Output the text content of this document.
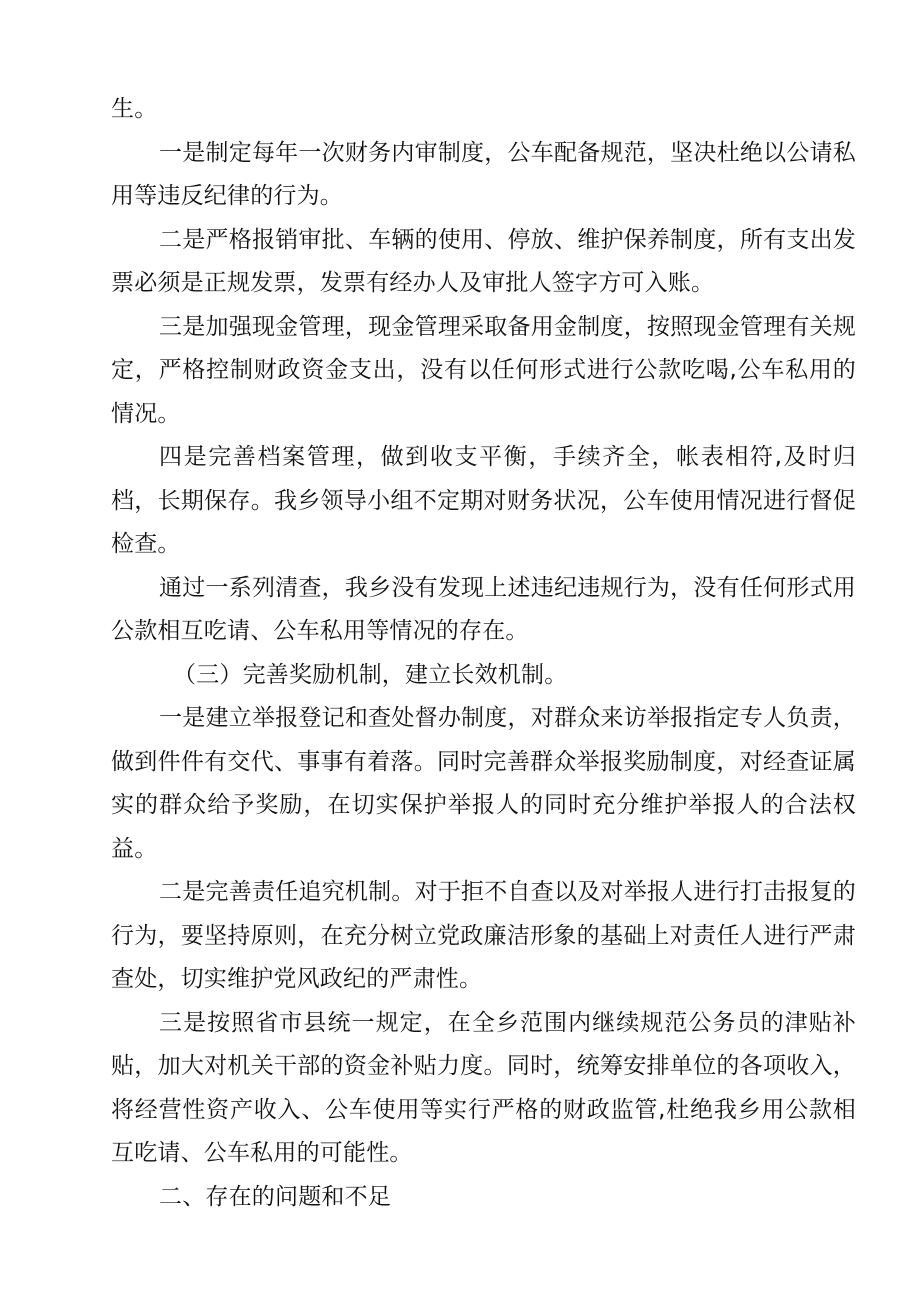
生。

一是制定每年一次财务内审制度，公车配备规范，坚决杜绝以公请私用等违反纪律的行为。

二是严格报销审批、车辆的使用、停放、维护保养制度，所有支出发票必须是正规发票，发票有经办人及审批人签字方可入账。

三是加强现金管理，现金管理采取备用金制度，按照现金管理有关规定，严格控制财政资金支出，没有以任何形式进行公款吃喝,公车私用的情况。

四是完善档案管理，做到收支平衡，手续齐全，帐表相符,及时归档，长期保存。我乡领导小组不定期对财务状况，公车使用情况进行督促检查。

通过一系列清查，我乡没有发现上述违纪违规行为，没有任何形式用公款相互吃请、公车私用等情况的存在。

（三）完善奖励机制，建立长效机制。

一是建立举报登记和查处督办制度，对群众来访举报指定专人负责，做到件件有交代、事事有着落。同时完善群众举报奖励制度，对经查证属实的群众给予奖励，在切实保护举报人的同时充分维护举报人的合法权益。

二是完善责任追究机制。对于拒不自查以及对举报人进行打击报复的行为，要坚持原则，在充分树立党政廉洁形象的基础上对责任人进行严肃查处，切实维护党风政纪的严肃性。

三是按照省市县统一规定，在全乡范围内继续规范公务员的津贴补贴，加大对机关干部的资金补贴力度。同时，统筹安排单位的各项收入，将经营性资产收入、公车使用等实行严格的财政监管,杜绝我乡用公款相互吃请、公车私用的可能性。

二、存在的问题和不足
